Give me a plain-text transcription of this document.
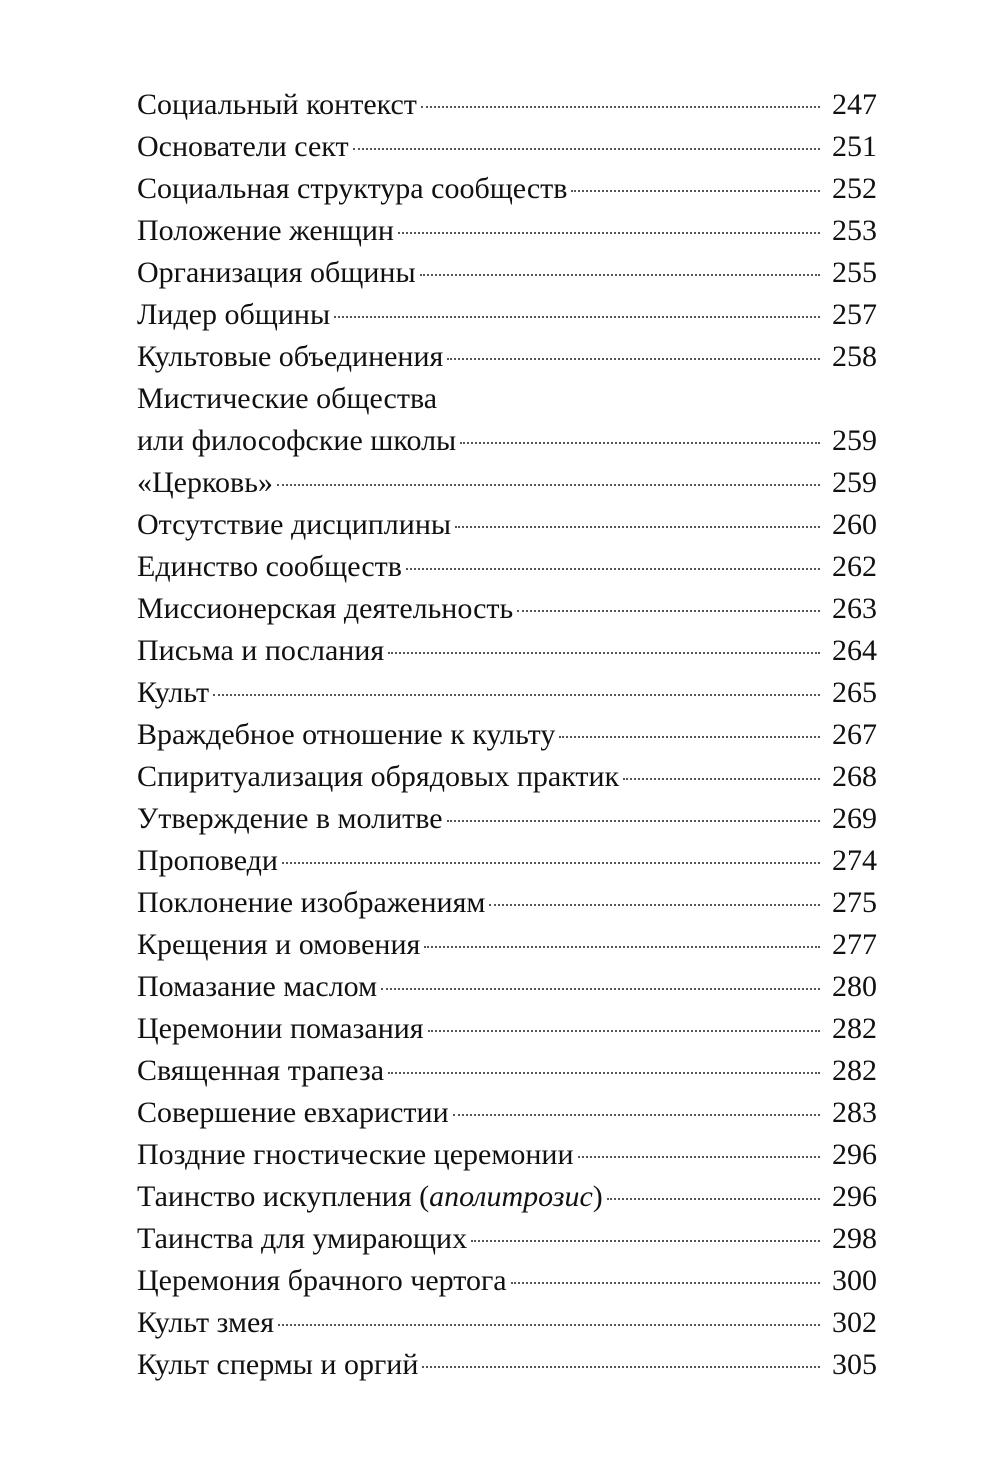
Социальный контекст	247
Основатели сект	251
Социальная структура сообществ	252
Положение женщин	253
Организация общины	255
Лидер общины	257
Культовые объединения	258
Мистические общества
или философские школы	259
«Церковь»	259
Отсутствие дисциплины	260
Единство сообществ	262
Миссионерская деятельность	263
Письма и послания	264
Культ	265
Враждебное отношение к культу	267
Спиритуализация обрядовых практик	268
Утверждение в молитве	269
Проповеди	274
Поклонение изображениям	275
Крещения и омовения	277
Помазание маслом	280
Церемонии помазания	282
Священная трапеза	282
Совершение евхаристии	283
Поздние гностические церемонии	296
Таинство искупления (аполитрозис)	296
Таинства для умирающих	298
Церемония брачного чертога	300
Культ змея	302
Культ спермы и оргий	305
